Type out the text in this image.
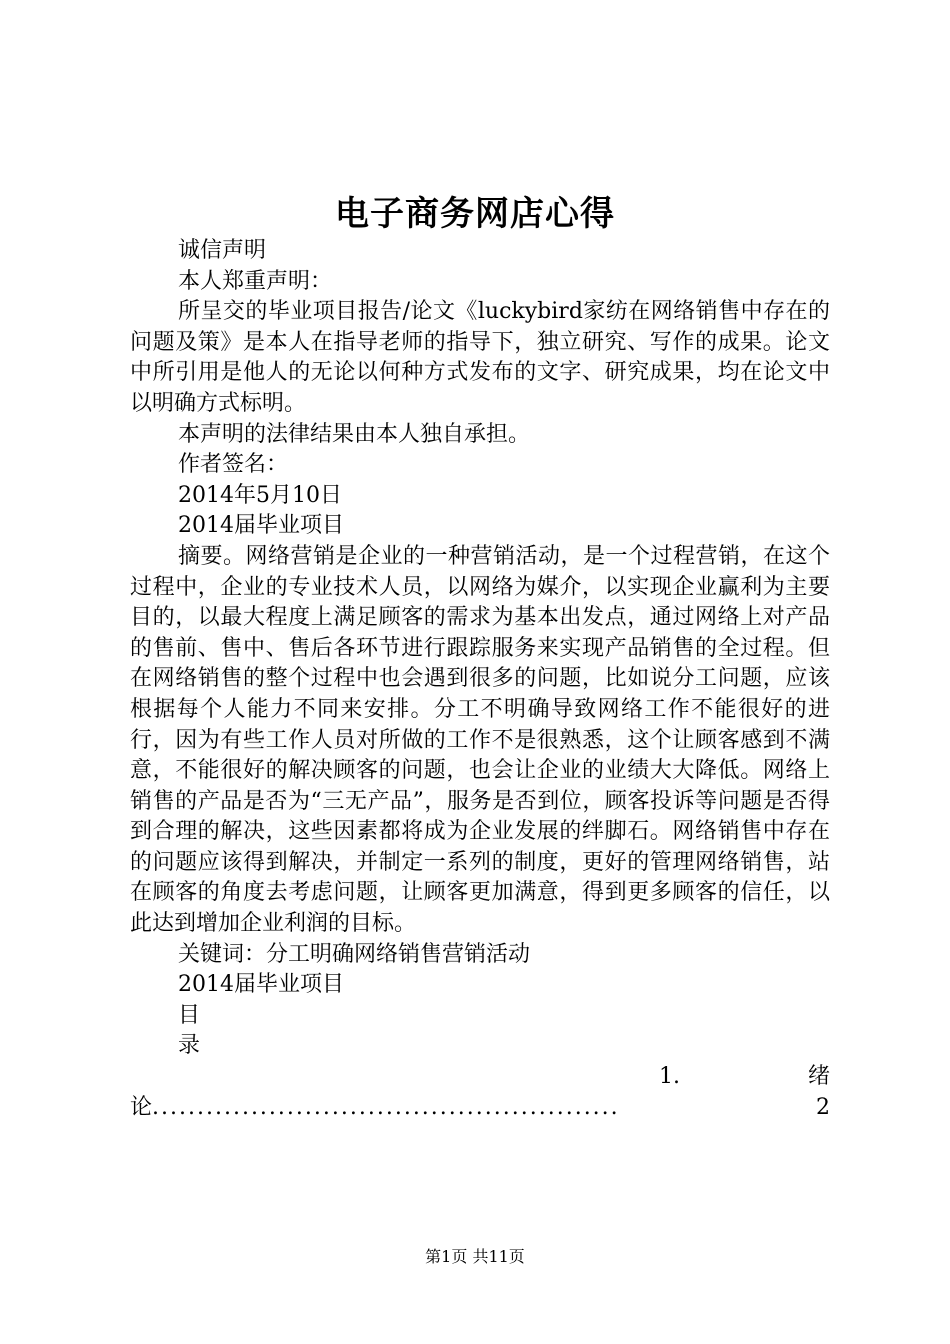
电子商务网店心得

诚信声明

本人郑重声明：

所呈交的毕业项目报告/论文《luckybird家纺在网络销售中存在的问题及策》是本人在指导老师的指导下，独立研究、写作的成果。论文中所引用是他人的无论以何种方式发布的文字、研究成果，均在论文中以明确方式标明。

本声明的法律结果由本人独自承担。

作者签名：

2014年5月10日

2014届毕业项目

摘要。网络营销是企业的一种营销活动，是一个过程营销，在这个过程中，企业的专业技术人员，以网络为媒介，以实现企业赢利为主要目的，以最大程度上满足顾客的需求为基本出发点，通过网络上对产品的售前、售中、售后各环节进行跟踪服务来实现产品销售的全过程。但在网络销售的整个过程中也会遇到很多的问题，比如说分工问题，应该根据每个人能力不同来安排。分工不明确导致网络工作不能很好的进行，因为有些工作人员对所做的工作不是很熟悉，这个让顾客感到不满意，不能很好的解决顾客的问题，也会让企业的业绩大大降低。网络上销售的产品是否为“三无产品”，服务是否到位，顾客投诉等问题是否得到合理的解决，这些因素都将成为企业发展的绊脚石。网络销售中存在的问题应该得到解决，并制定一系列的制度，更好的管理网络销售，站在顾客的角度去考虑问题，让顾客更加满意，得到更多顾客的信任，以此达到增加企业利润的目标。

关键词：分工明确网络销售营销活动

2014届毕业项目

目

录

1.	绪
论 ....................................................	2
第1页 共11页
